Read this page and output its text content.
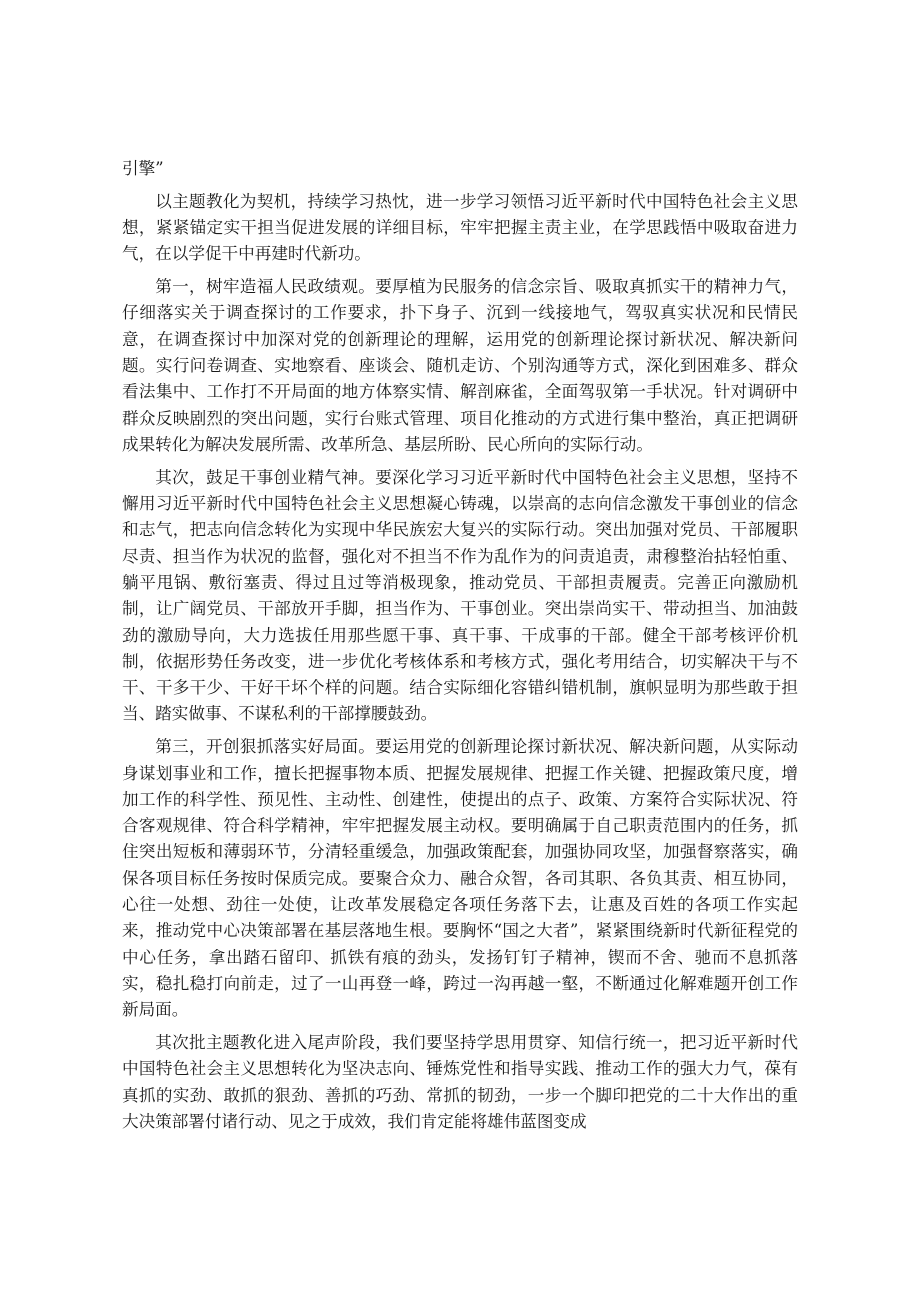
引擎”

以主题教化为契机，持续学习热忱，进一步学习领悟习近平新时代中国特色社会主义思想，紧紧锚定实干担当促进发展的详细目标，牢牢把握主责主业，在学思践悟中吸取奋进力气，在以学促干中再建时代新功。

第一，树牢造福人民政绩观。要厚植为民服务的信念宗旨、吸取真抓实干的精神力气，仔细落实关于调查探讨的工作要求，扑下身子、沉到一线接地气，驾驭真实状况和民情民意，在调查探讨中加深对党的创新理论的理解，运用党的创新理论探讨新状况、解决新问题。实行问卷调查、实地察看、座谈会、随机走访、个别沟通等方式，深化到困难多、群众看法集中、工作打不开局面的地方体察实情、解剖麻雀，全面驾驭第一手状况。针对调研中群众反映剧烈的突出问题，实行台账式管理、项目化推动的方式进行集中整治，真正把调研成果转化为解决发展所需、改革所急、基层所盼、民心所向的实际行动。

其次，鼓足干事创业精气神。要深化学习习近平新时代中国特色社会主义思想，坚持不懈用习近平新时代中国特色社会主义思想凝心铸魂，以崇高的志向信念激发干事创业的信念和志气，把志向信念转化为实现中华民族宏大复兴的实际行动。突出加强对党员、干部履职尽责、担当作为状况的监督，强化对不担当不作为乱作为的问责追责，肃穆整治拈轻怕重、躺平甩锅、敷衍塞责、得过且过等消极现象，推动党员、干部担责履责。完善正向激励机制，让广阔党员、干部放开手脚，担当作为、干事创业。突出崇尚实干、带动担当、加油鼓劲的激励导向，大力选拔任用那些愿干事、真干事、干成事的干部。健全干部考核评价机制，依据形势任务改变，进一步优化考核体系和考核方式，强化考用结合，切实解决干与不干、干多干少、干好干坏个样的问题。结合实际细化容错纠错机制，旗帜显明为那些敢于担当、踏实做事、不谋私利的干部撑腰鼓劲。

第三，开创狠抓落实好局面。要运用党的创新理论探讨新状况、解决新问题，从实际动身谋划事业和工作，擅长把握事物本质、把握发展规律、把握工作关键、把握政策尺度，增加工作的科学性、预见性、主动性、创建性，使提出的点子、政策、方案符合实际状况、符合客观规律、符合科学精神，牢牢把握发展主动权。要明确属于自己职责范围内的任务，抓住突出短板和薄弱环节，分清轻重缓急，加强政策配套，加强协同攻坚，加强督察落实，确保各项目标任务按时保质完成。要聚合众力、融合众智，各司其职、各负其责、相互协同，心往一处想、劲往一处使，让改革发展稳定各项任务落下去，让惠及百姓的各项工作实起来，推动党中心决策部署在基层落地生根。要胸怀“国之大者”，紧紧围绕新时代新征程党的中心任务，拿出踏石留印、抓铁有痕的劲头，发扬钉钉子精神，锲而不舍、驰而不息抓落实，稳扎稳打向前走，过了一山再登一峰，跨过一沟再越一壑，不断通过化解难题开创工作新局面。

其次批主题教化进入尾声阶段，我们要坚持学思用贯穿、知信行统一，把习近平新时代中国特色社会主义思想转化为坚决志向、锤炼党性和指导实践、推动工作的强大力气，葆有真抓的实劲、敢抓的狠劲、善抓的巧劲、常抓的韧劲，一步一个脚印把党的二十大作出的重大决策部署付诸行动、见之于成效，我们肯定能将雄伟蓝图变成
